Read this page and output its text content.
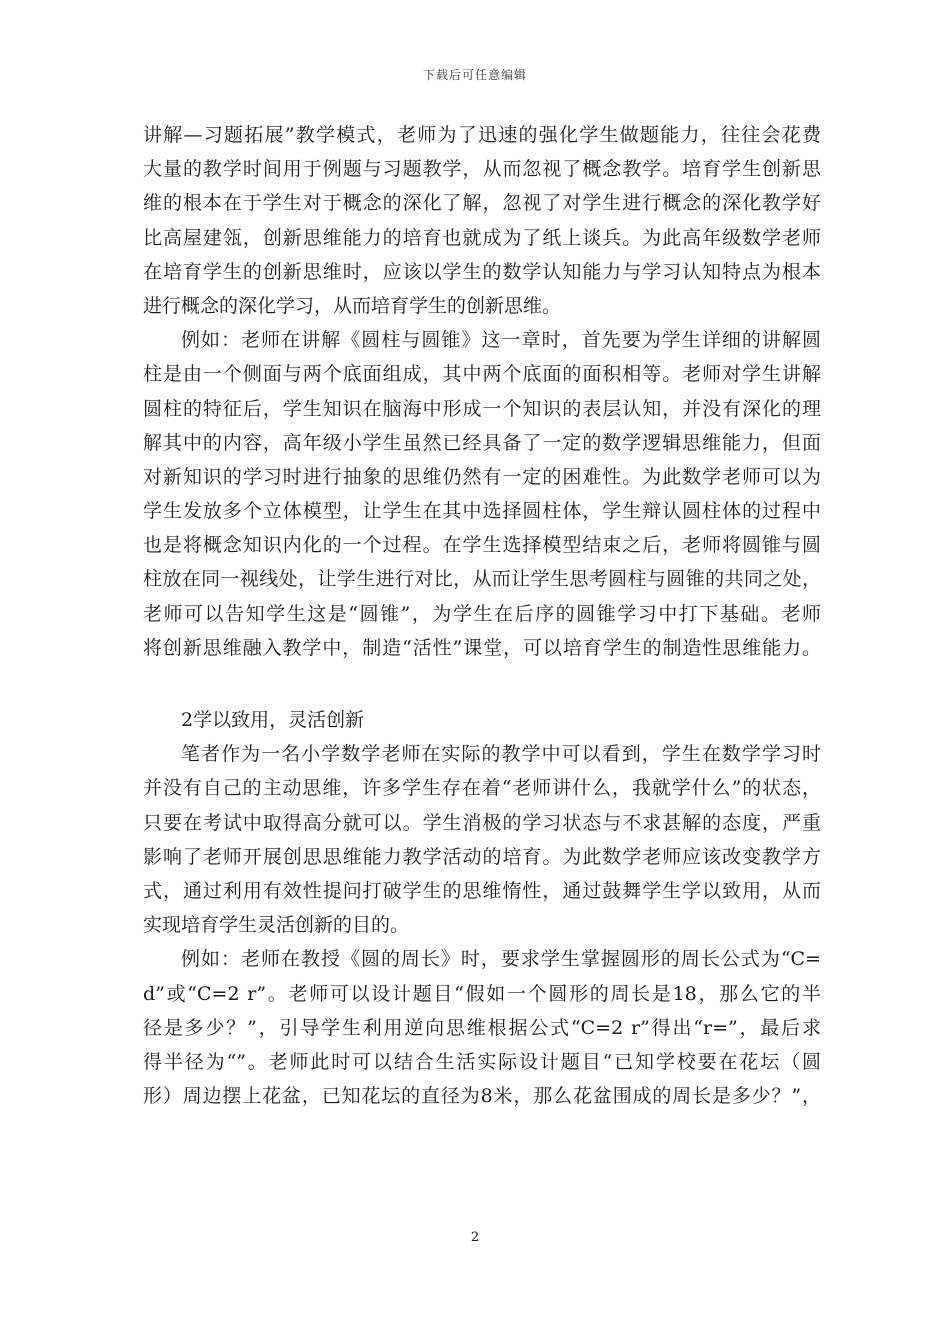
下载后可任意编辑
讲解—习题拓展”教学模式，老师为了迅速的强化学生做题能力，往往会花费
大量的教学时间用于例题与习题教学，从而忽视了概念教学。培育学生创新思
维的根本在于学生对于概念的深化了解，忽视了对学生进行概念的深化教学好
比高屋建瓴，创新思维能力的培育也就成为了纸上谈兵。为此高年级数学老师
在培育学生的创新思维时，应该以学生的数学认知能力与学习认知特点为根本
进行概念的深化学习，从而培育学生的创新思维。
例如：老师在讲解《圆柱与圆锥》这一章时，首先要为学生详细的讲解圆
柱是由一个侧面与两个底面组成，其中两个底面的面积相等。老师对学生讲解
圆柱的特征后，学生知识在脑海中形成一个知识的表层认知，并没有深化的理
解其中的内容，高年级小学生虽然已经具备了一定的数学逻辑思维能力，但面
对新知识的学习时进行抽象的思维仍然有一定的困难性。为此数学老师可以为
学生发放多个立体模型，让学生在其中选择圆柱体，学生辩认圆柱体的过程中
也是将概念知识内化的一个过程。在学生选择模型结束之后，老师将圆锥与圆
柱放在同一视线处，让学生进行对比，从而让学生思考圆柱与圆锥的共同之处，
老师可以告知学生这是“圆锥”，为学生在后序的圆锥学习中打下基础。老师
将创新思维融入教学中，制造“活性”课堂，可以培育学生的制造性思维能力。
2学以致用，灵活创新
笔者作为一名小学数学老师在实际的教学中可以看到，学生在数学学习时
并没有自己的主动思维，许多学生存在着“老师讲什么，我就学什么”的状态，
只要在考试中取得高分就可以。学生消极的学习状态与不求甚解的态度，严重
影响了老师开展创思思维能力教学活动的培育。为此数学老师应该改变教学方
式，通过利用有效性提问打破学生的思维惰性，通过鼓舞学生学以致用，从而
实现培育学生灵活创新的目的。
例如：老师在教授《圆的周长》时，要求学生掌握圆形的周长公式为“C=
d”或“C=2 r”。老师可以设计题目“假如一个圆形的周长是18，那么它的半
径是多少？”，引导学生利用逆向思维根据公式“C=2 r”得出“r=”，最后求
得半径为“”。老师此时可以结合生活实际设计题目“已知学校要在花坛（圆
形）周边摆上花盆，已知花坛的直径为8米，那么花盆围成的周长是多少？”，
2
